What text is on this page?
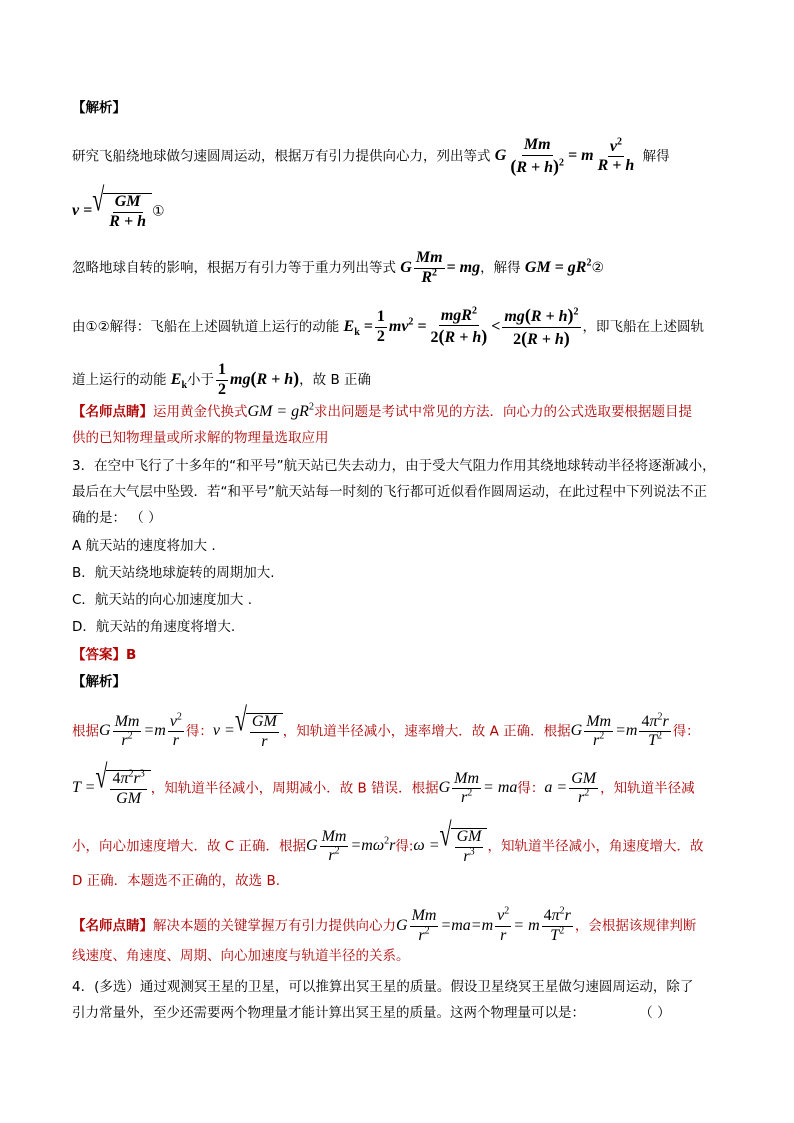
【解析】
研究飞船绕地球做匀速圆周运动，根据万有引力提供向心力，列出等式 G $\frac{Mm}{(R + h)^2} = m \frac{v^2}{R + h}$ 解得
v = √ $\frac{GM}{R + h}$ ①
忽略地球自转的影响，根据万有引力等于重力列出等式 G $\frac{Mm}{R^2}$ = mg，解得 GM = $gR^2②$
由①②解得：飞船在上述圆轨道上运行的动能 $E_k = \frac{1}{2} mv^2 = \frac{mgR^2}{2(R + h)} < \frac{mg(R + h)^2}{2(R + h)}$ ，即飞船在上述圆轨
道上运行的动能 $E_k$小于 $\frac{1}{2} mg(R + h)$，故 B 正确
【名师点睛】运用黄金代换式GM = $gR^2$求出问题是考试中常见的方法．向心力的公式选取要根据题目提
供的已知物理量或所求解的物理量选取应用
3．在空中飞行了十多年的“和平号”航天站已失去动力，由于受大气阻力作用其绕地球转动半径将逐渐减小，
最后在大气层中坠毁．若“和平号”航天站每一时刻的飞行都可近似看作圆周运动，在此过程中下列说法不正
确的是： （ ）
A 航天站的速度将加大 .
B．航天站绕地球旋转的周期加大.
C．航天站的向心加速度加大 .
D．航天站的角速度将增大.
【答案】B
【解析】
根据G $\frac{Mm}{r^2} =m \frac{v^2}{r}$ 得：v = √ $\frac{GM}{r}$ ，知轨道半径减小，速率增大．故 A 正确．根据G $\frac{Mm}{r^2} =m \frac{4\pi^2r}{T^2}$ 得：
T = √ $\frac{4\pi^2r^3}{GM}$ ，知轨道半径减小，周期减小．故 B 错误．根据G $\frac{Mm}{r^2}$ = ma得：$a = \frac{GM}{r^2}$ ，知轨道半径减
小，向心加速度增大．故 C 正确．根据G $\frac{Mm}{r^2} =m\omega^2r$得:ω = √ $\frac{GM}{r^3}$ ，知轨道半径减小，角速度增大．故
D 正确．本题选不正确的，故选 B.
【名师点睛】解决本题的关键掌握万有引力提供向心力G $\frac{Mm}{r^2} =ma=m \frac{v^2}{r} = m \frac{4\pi^2r}{T^2}$ ，会根据该规律判断
线速度、角速度、周期、向心加速度与轨道半径的关系。
4．(多选）通过观测冥王星的卫星，可以推算出冥王星的质量。假设卫星绕冥王星做匀速圆周运动，除了
引力常量外，至少还需要两个物理量才能计算出冥王星的质量。这两个物理量可以是：	（ ）
